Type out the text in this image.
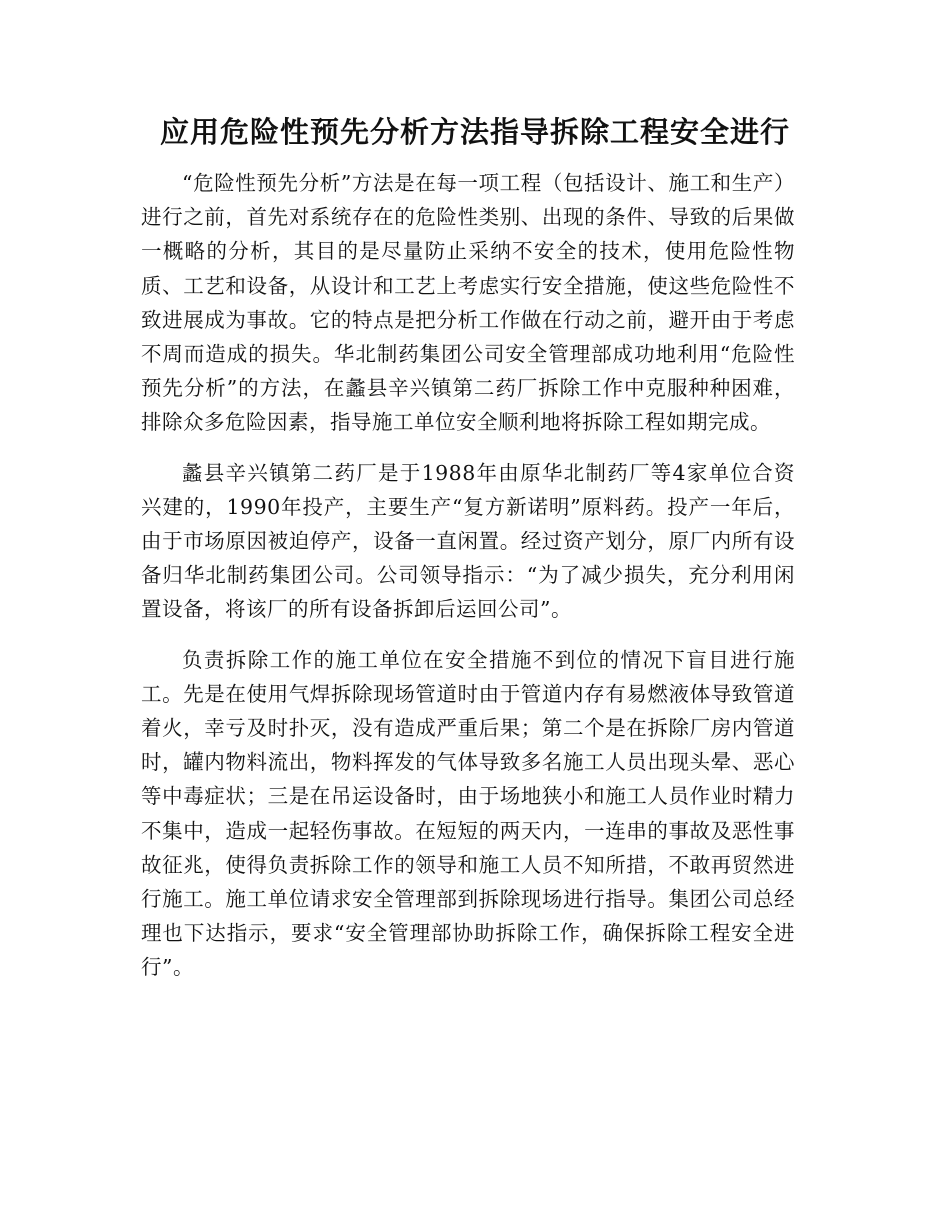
应用危险性预先分析方法指导拆除工程安全进行

“危险性预先分析”方法是在每一项工程（包括设计、施工和生产）进行之前，首先对系统存在的危险性类别、出现的条件、导致的后果做一概略的分析，其目的是尽量防止采纳不安全的技术，使用危险性物质、工艺和设备，从设计和工艺上考虑实行安全措施，使这些危险性不致进展成为事故。它的特点是把分析工作做在行动之前，避开由于考虑不周而造成的损失。华北制药集团公司安全管理部成功地利用“危险性预先分析”的方法，在蠡县辛兴镇第二药厂拆除工作中克服种种困难，排除众多危险因素，指导施工单位安全顺利地将拆除工程如期完成。

蠡县辛兴镇第二药厂是于1988年由原华北制药厂等4家单位合资兴建的，1990年投产，主要生产“复方新诺明”原料药。投产一年后，由于市场原因被迫停产，设备一直闲置。经过资产划分，原厂内所有设备归华北制药集团公司。公司领导指示：“为了减少损失，充分利用闲置设备，将该厂的所有设备拆卸后运回公司”。

负责拆除工作的施工单位在安全措施不到位的情况下盲目进行施工。先是在使用气焊拆除现场管道时由于管道内存有易燃液体导致管道着火，幸亏及时扑灭，没有造成严重后果；第二个是在拆除厂房内管道时，罐内物料流出，物料挥发的气体导致多名施工人员出现头晕、恶心等中毒症状；三是在吊运设备时，由于场地狭小和施工人员作业时精力不集中，造成一起轻伤事故。在短短的两天内，一连串的事故及恶性事故征兆，使得负责拆除工作的领导和施工人员不知所措，不敢再贸然进行施工。施工单位请求安全管理部到拆除现场进行指导。集团公司总经理也下达指示，要求“安全管理部协助拆除工作，确保拆除工程安全进行”。
